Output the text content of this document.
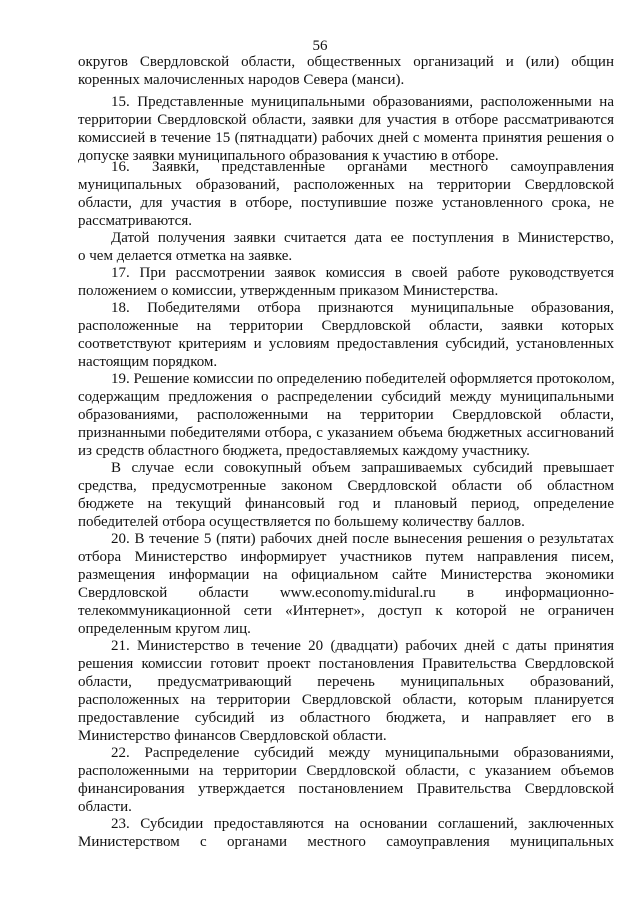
56
округов Свердловской области, общественных организаций и (или) общин
коренных малочисленных народов Севера (манси).
15. Представленные муниципальными образованиями, расположенными на
территории Свердловской области, заявки для участия в отборе рассматриваются
комиссией в течение 15 (пятнадцати) рабочих дней с момента принятия решения о
допуске заявки муниципального образования к участию в отборе.
16. Заявки, представленные органами местного самоуправления
муниципальных образований, расположенных на территории Свердловской
области, для участия в отборе, поступившие позже установленного срока, не
рассматриваются.
Датой получения заявки считается дата ее поступления в Министерство,
о чем делается отметка на заявке.
17. При рассмотрении заявок комиссия в своей работе руководствуется
положением о комиссии, утвержденным приказом Министерства.
18. Победителями отбора признаются муниципальные образования,
расположенные на территории Свердловской области, заявки которых
соответствуют критериям и условиям предоставления субсидий, установленных
настоящим порядком.
19. Решение комиссии по определению победителей оформляется протоколом,
содержащим предложения о распределении субсидий между муниципальными
образованиями, расположенными на территории Свердловской области,
признанными победителями отбора, с указанием объема бюджетных ассигнований
из средств областного бюджета, предоставляемых каждому участнику.
В случае если совокупный объем запрашиваемых субсидий превышает
средства, предусмотренные законом Свердловской области об областном
бюджете на текущий финансовый год и плановый период, определение
победителей отбора осуществляется по большему количеству баллов.
20. В течение 5 (пяти) рабочих дней после вынесения решения о результатах
отбора Министерство информирует участников путем направления писем,
размещения информации на официальном сайте Министерства экономики
Свердловской области www.economy.midural.ru в информационно-
телекоммуникационной сети «Интернет», доступ к которой не ограничен
определенным кругом лиц.
21. Министерство в течение 20 (двадцати) рабочих дней с даты принятия
решения комиссии готовит проект постановления Правительства Свердловской
области, предусматривающий перечень муниципальных образований,
расположенных на территории Свердловской области, которым планируется
предоставление субсидий из областного бюджета, и направляет его в
Министерство финансов Свердловской области.
22. Распределение субсидий между муниципальными образованиями,
расположенными на территории Свердловской области, с указанием объемов
финансирования утверждается постановлением Правительства Свердловской
области.
23. Субсидии предоставляются на основании соглашений, заключенных
Министерством с органами местного самоуправления муниципальных
